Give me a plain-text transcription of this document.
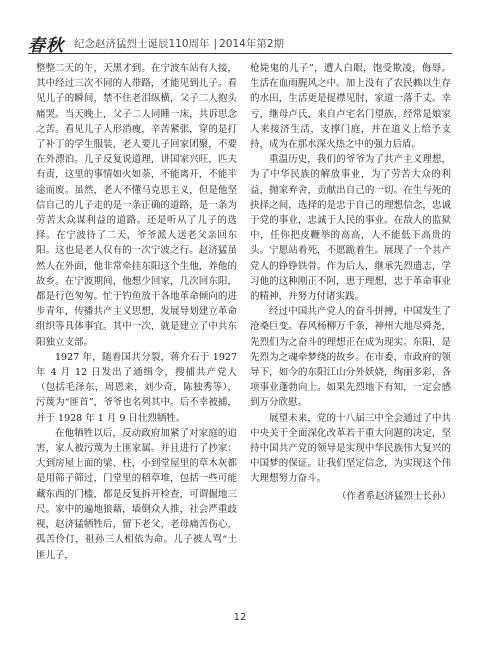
春秋 纪念赵济猛烈士诞辰110周年 | 2014年第2期

整整二天的午，天黑才到。在宁波车站有人接，其中经过三次不同的人带路，才能见到儿子。看见儿子的瞬间，禁不住老泪纵横，父子二人抱头痛哭。当天晚上，父子二人同睡一床，共诉思念之苦。看见儿子人形消瘦，辛苦紧张，穿的是打了补丁的学生服装，老人要儿子回家团聚，不要在外漂泊。儿子反复说道理，讲国家兴旺，匹夫有责，这里的事情如火如荼，不能离开，不能半途而废。虽然，老人不懂马克思主义，但是他坚信自己的儿子走的是一条正确的道路，是一条为劳苦大众谋利益的道路。还是听从了儿子的选择。在宁波待了二天，爷爷派人送老父亲回东阳。这也是老人仅有的一次宁波之行。赵济猛虽然人在外面，他非常牵挂东阳这个生他，养他的故乡。在宁波期间，他想少回家，几次回东阳，都是行色匆匆。忙于钓鱼放干各地革命倾向的进步青年，传播共产主义思想，发展导划建立革命组织等具体事宜。其中一次，就是建立了中共东阳独立支部。

1927 年，随着国共分裂，蒋介石于 1927 年 4 月 12 日发出了通缉令，搜捕共产党人（包括毛泽东，周恩来，刘少奇，陈独秀等），污蔑为“匪首”，爷爷也名列其中。后不幸被捕，并于 1928 年 1 月 9 日壮烈牺牲。

在他牺牲以后，反动政府加紧了对家庭的追害，家人被污蔑为土匪家属。并且进行了抄家：大到房屋上面的梁、柱，小到堂屋里的草木灰都是用筛子筛过，门堂里的稻草堆，包括一些可能藏东西的门槛，都是反复拆开检查，可谓掘地三尺。家中的遍地狼藉，墙倒众人推，社会严重歧视，赵济猛牺牲后，留下老父，老母痛苦伤心，孤苦伶仃，祖孙三人相依为命。儿子被人骂“土匪儿子，

枪毙鬼的儿子”，遭人白眼，饱受欺凌，侮辱。生活在血雨腥风之中。加上没有了农民赖以生存的水田，生活更是捉襟见肘，家道一落千丈。幸亏，继母卢氏，来自卢宅名门望族，经常是娘家人来接济生活，支撑门庭，并在道义上给予支持，成为在那水深火热之中的强力后盾。

重温历史，我们的爷爷为了共产主义理想，为了中华民族的解放事业，为了劳苦大众的利益，抛家弃舍，贡献出自己的一切。在生与死的抉择之间，选择的是忠于自己的理想信念，忠诚于党的事业，忠诚于人民的事业。在敌人的监狱中，任你把皮鞭举的高高，人不能低下高贵的头。宁愿站着死，不愿跪着生。展现了一个共产党人的铮铮铁骨。作为后人，继承先烈遗志，学习他的这种刚正不阿，患于理想，忠于革命事业的精神，并努力付诸实践。

经过中国共产党人的奋斗拼搏，中国发生了沧桑巨变。春风杨柳万千条，神州大地尽舜尧，先烈们为之奋斗的理想正在成为现实。东阳，是先烈为之魂牵梦绕的故乡。在市委，市政府的领导下，如今的东阳江山分外妖娆，绚丽多彩，各项事业蓬勃向上。如果先烈地下有知，一定会感到万分欣慰。

展望未来，党的十八届三中全会通过了中共中央关于全面深化改革若干重大问题的决定，坚持中国共产党的领导是实现中华民族伟大复兴的中国梦的保证。让我们坚定信念，为实现这个伟大理想努力奋斗。

（作者系赵济猛烈士长孙）
12
